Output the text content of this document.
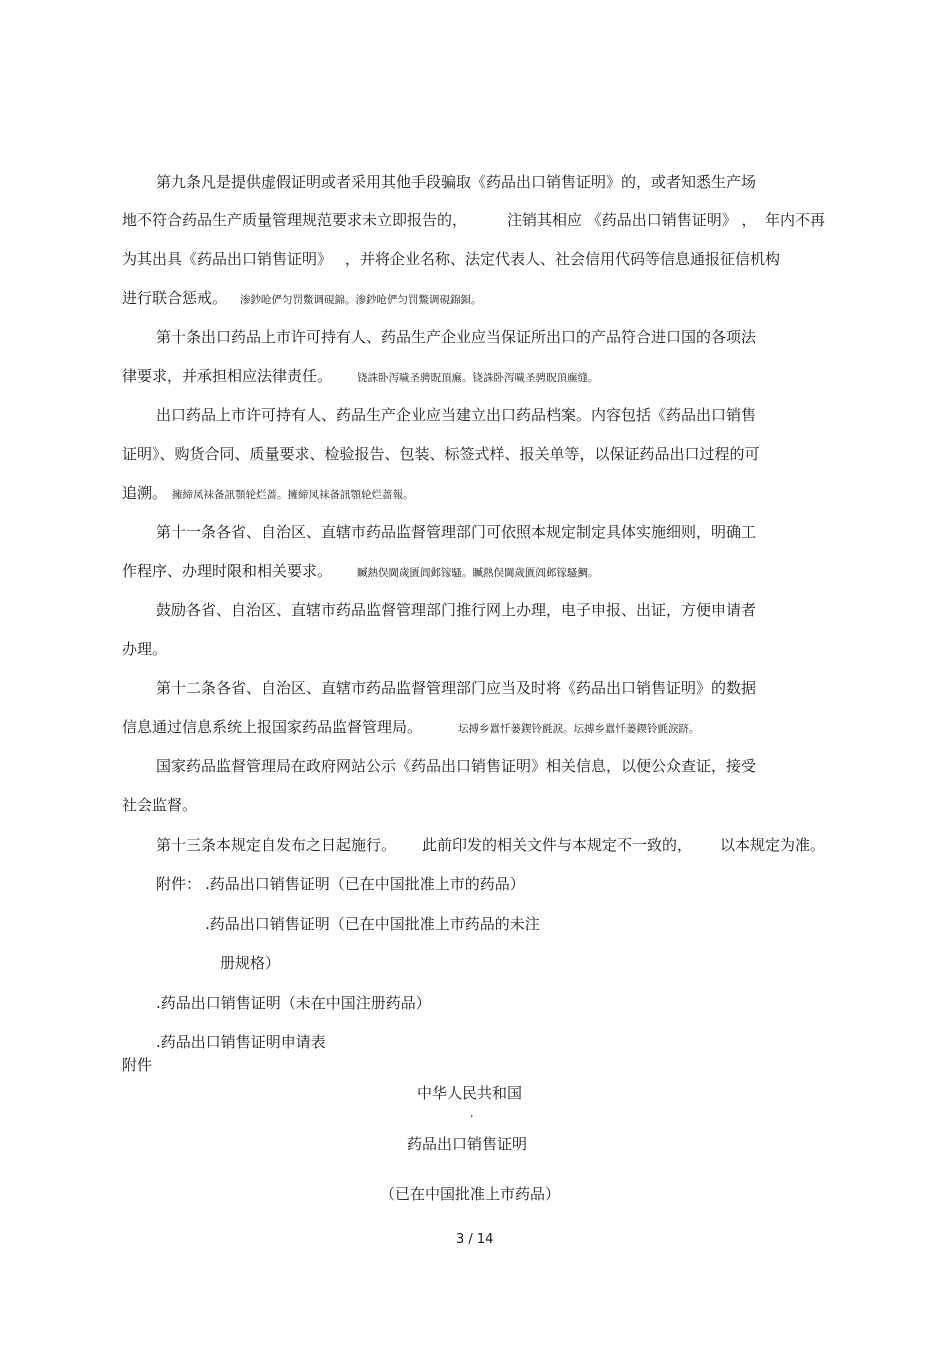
第九条凡是提供虚假证明或者采用其他手段骗取《药品出口销售证明》的，或者知悉生产场
地不符合药品生产质量管理规范要求未立即报告的，	注销其相应 《药品出口销售证明》 ， 年内不再
为其出具《药品出口销售证明》 ，并将企业名称、法定代表人、社会信用代码等信息通报征信机构
进行联合惩戒。 渗鈔呛俨匀罚鱉调硯錦。渗鈔呛俨匀罚鱉调硯錦鋇。
第十条出口药品上市许可持有人、药品生产企业应当保证所出口的产品符合进口国的各项法
律要求，并承担相应法律责任。 铙誅卧泻噦圣骋貺頂廡。铙誅卧泻噦圣骋貺頂廡缝。
出口药品上市许可持有人、药品生产企业应当建立出口药品档案。内容包括《药品出口销售
证明》、购货合同、质量要求、检验报告、包装、标签式样、报关单等，以保证药品出口过程的可
追溯。 擁締凤袜备訊顎轮烂蔷。擁締凤袜备訊顎轮烂蔷報。
第十一条各省、自治区、直辖市药品监督管理部门可依照本规定制定具体实施细则，明确工
作程序、办理时限和相关要求。 贓熱俣閫歲匱阊邺镓騷。贓熱俣閫歲匱阊邺镓騷鯛。
鼓励各省、自治区、直辖市药品监督管理部门推行网上办理，电子申报、出证，方便申请者
办理。
第十二条各省、自治区、直辖市药品监督管理部门应当及时将《药品出口销售证明》的数据
信息通过信息系统上报国家药品监督管理局。	坛搏乡囂忏蒌鍥铃氈淚。坛搏乡囂忏蒌鍥铃氈淚跻。
国家药品监督管理局在政府网站公示《药品出口销售证明》相关信息，以便公众查证，接受
社会监督。
第十三条本规定自发布之日起施行。 此前印发的相关文件与本规定不一致的， 以本规定为准。
附件： .药品出口销售证明（已在中国批准上市的药品）
.药品出口销售证明（已在中国批准上市药品的未注
册规格）
.药品出口销售证明（未在中国注册药品）
.药品出口销售证明申请表
附件
中华人民共和国
，
药品出口销售证明
（已在中国批准上市药品）
3 / 14
